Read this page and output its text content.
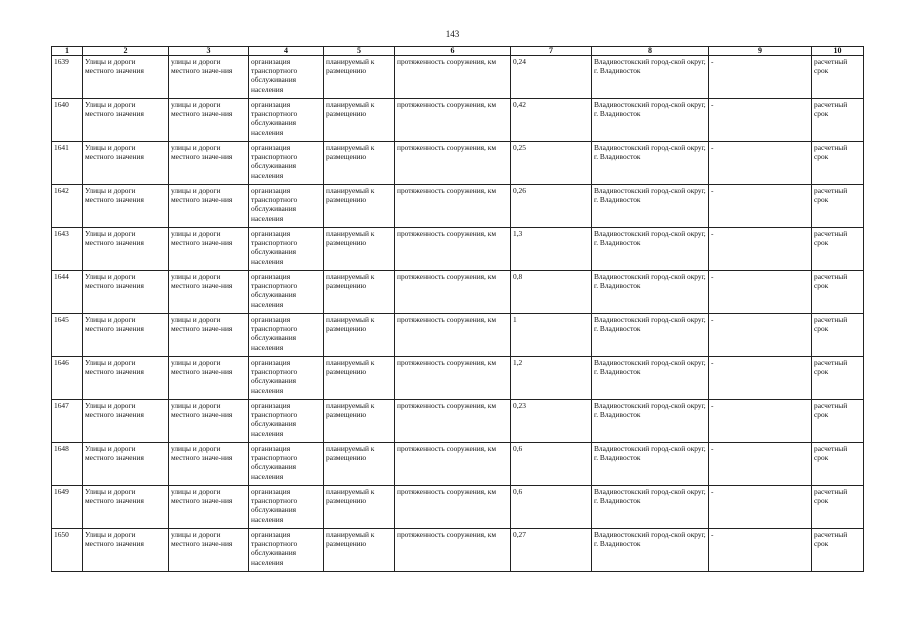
143
1	2	3	4	5	6	7	8	9	10
1639	Улицы и дороги местного значения	улицы и дороги местного значе-ния	организация транспортного обслуживания населения	планируемый к размещению	протяженность сооружения, км	0,24	Владивостокский город-ской округ, г. Владивосток	-	расчетный срок
1640	Улицы и дороги местного значения	улицы и дороги местного значе-ния	организация транспортного обслуживания населения	планируемый к размещению	протяженность сооружения, км	0,42	Владивостокский город-ской округ, г. Владивосток	-	расчетный срок
1641	Улицы и дороги местного значения	улицы и дороги местного значе-ния	организация транспортного обслуживания населения	планируемый к размещению	протяженность сооружения, км	0,25	Владивостокский город-ской округ, г. Владивосток	-	расчетный срок
1642	Улицы и дороги местного значения	улицы и дороги местного значе-ния	организация транспортного обслуживания населения	планируемый к размещению	протяженность сооружения, км	0,26	Владивостокский город-ской округ, г. Владивосток	-	расчетный срок
1643	Улицы и дороги местного значения	улицы и дороги местного значе-ния	организация транспортного обслуживания населения	планируемый к размещению	протяженность сооружения, км	1,3	Владивостокский город-ской округ, г. Владивосток	-	расчетный срок
1644	Улицы и дороги местного значения	улицы и дороги местного значе-ния	организация транспортного обслуживания населения	планируемый к размещению	протяженность сооружения, км	0,8	Владивостокский город-ской округ, г. Владивосток	-	расчетный срок
1645	Улицы и дороги местного значения	улицы и дороги местного значе-ния	организация транспортного обслуживания населения	планируемый к размещению	протяженность сооружения, км	1	Владивостокский город-ской округ, г. Владивосток	-	расчетный срок
1646	Улицы и дороги местного значения	улицы и дороги местного значе-ния	организация транспортного обслуживания населения	планируемый к размещению	протяженность сооружения, км	1,2	Владивостокский город-ской округ, г. Владивосток	-	расчетный срок
1647	Улицы и дороги местного значения	улицы и дороги местного значе-ния	организация транспортного обслуживания населения	планируемый к размещению	протяженность сооружения, км	0,23	Владивостокский город-ской округ, г. Владивосток	-	расчетный срок
1648	Улицы и дороги местного значения	улицы и дороги местного значе-ния	организация транспортного обслуживания населения	планируемый к размещению	протяженность сооружения, км	0,6	Владивостокский город-ской округ, г. Владивосток	-	расчетный срок
1649	Улицы и дороги местного значения	улицы и дороги местного значе-ния	организация транспортного обслуживания населения	планируемый к размещению	протяженность сооружения, км	0,6	Владивостокский город-ской округ, г. Владивосток	-	расчетный срок
1650	Улицы и дороги местного значения	улицы и дороги местного значе-ния	организация транспортного обслуживания населения	планируемый к размещению	протяженность сооружения, км	0,27	Владивостокский город-ской округ, г. Владивосток	-	расчетный срок
